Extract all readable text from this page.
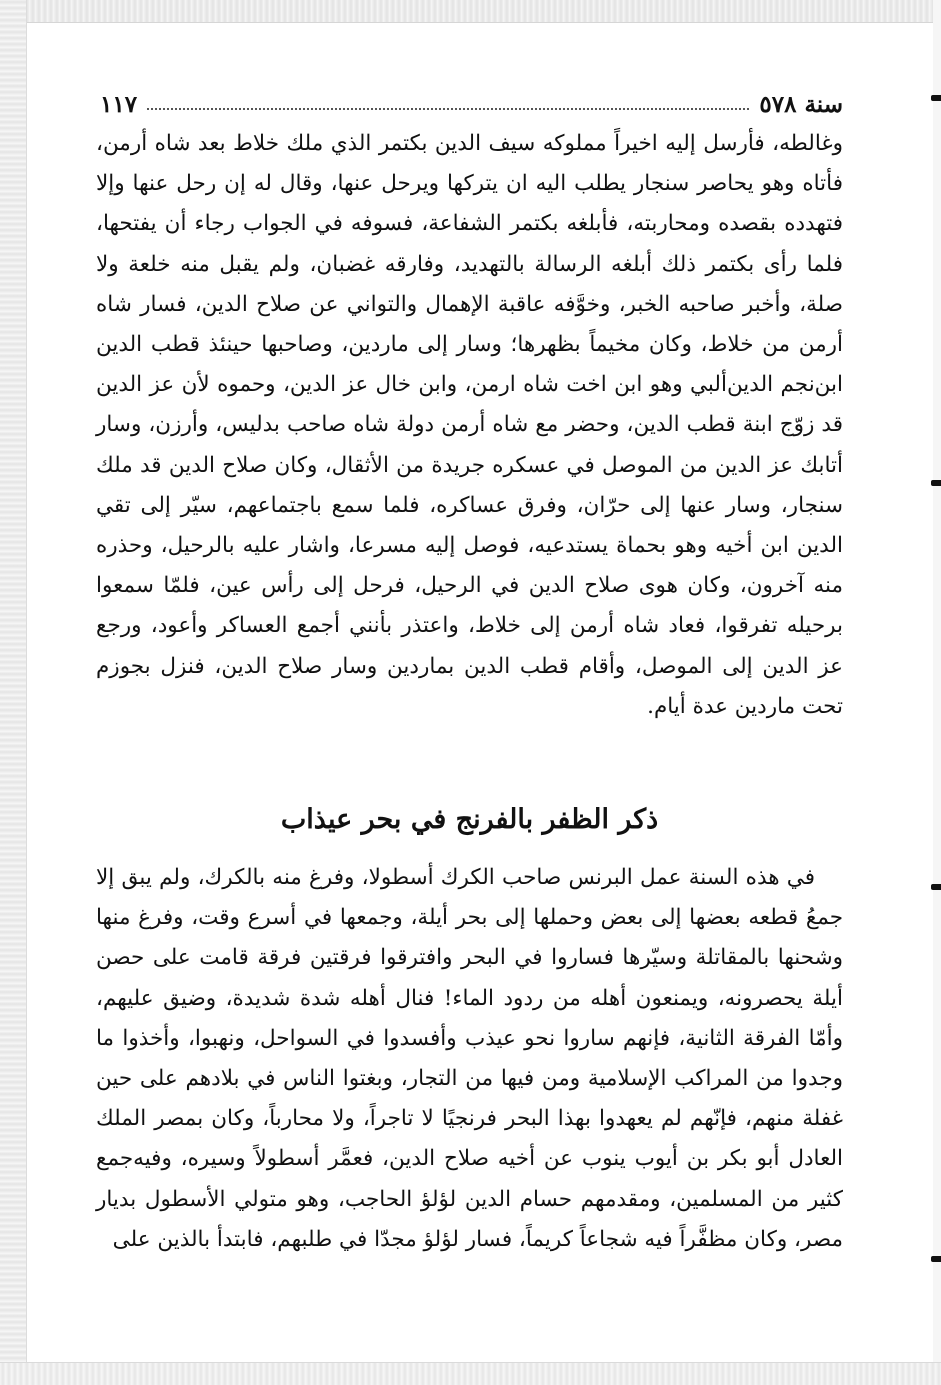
سنة ٥٧٨
١١٧
وغالطه، فأرسل إليه اخيراً مملوكه سيف الدين بكتمر الذي ملك خلاط بعد شاه أرمن، فأتاه وهو يحاصر سنجار يطلب اليه ان يتركها ويرحل عنها، وقال له إن رحل عنها وإلا فتهدده بقصده ومحاربته، فأبلغه بكتمر الشفاعة، فسوفه في الجواب رجاء أن يفتحها، فلما رأى بكتمر ذلك أبلغه الرسالة بالتهديد، وفارقه غضبان، ولم يقبل منه خلعة ولا صلة، وأخبر صاحبه الخبر، وخوَّفه عاقبة الإهمال والتواني عن صلاح الدين، فسار شاه أرمن من خلاط، وكان مخيماً بظهرها؛ وسار إلى ماردين، وصاحبها حينئذ قطب الدين ابن‌نجم الدين‌ألبي وهو ابن اخت شاه ارمن، وابن خال عز الدين، وحموه لأن عز الدين قد زوّج ابنة قطب الدين، وحضر مع شاه أرمن دولة شاه صاحب بدليس، وأرزن، وسار أتابك عز الدين من الموصل في عسكره جريدة من الأثقال، وكان صلاح الدين قد ملك سنجار، وسار عنها إلى حرّان، وفرق عساكره، فلما سمع باجتماعهم، سيّر إلى تقي الدين ابن أخيه وهو بحماة يستدعيه، فوصل إليه مسرعا، واشار عليه بالرحيل، وحذره منه آخرون، وكان هوى صلاح الدين في الرحيل، فرحل إلى رأس عين، فلمّا سمعوا برحيله تفرقوا، فعاد شاه أرمن إلى خلاط، واعتذر بأنني أجمع العساكر وأعود، ورجع عز الدين إلى الموصل، وأقام قطب الدين بماردين وسار صلاح الدين، فنزل بجوزم تحت ماردين عدة أيام.
ذكر الظفر بالفرنج في بحر عيذاب
في هذه السنة عمل البرنس صاحب الكرك أسطولا، وفرغ منه بالكرك، ولم يبق إلا جمعُ قطعه بعضها إلى بعض وحملها إلى بحر أيلة، وجمعها في أسرع وقت، وفرغ منها وشحنها بالمقاتلة وسيّرها فساروا في البحر وافترقوا فرقتين فرقة قامت على حصن أيلة يحصرونه، ويمنعون أهله من ردود الماء! فنال أهله شدة شديدة، وضيق عليهم، وأمّا الفرقة الثانية، فإنهم ساروا نحو عيذب وأفسدوا في السواحل، ونهبوا، وأخذوا ما وجدوا من المراكب الإسلامية ومن فيها من التجار، وبغتوا الناس في بلادهم على حين غفلة منهم، فإنّهم لم يعهدوا بهذا البحر فرنجيًا لا تاجراً، ولا محارباً، وكان بمصر الملك العادل أبو بكر بن أيوب ينوب عن أخيه صلاح الدين، فعمَّر أسطولاً وسيره، وفيه‌جمع كثير من المسلمين، ومقدمهم حسام الدين لؤلؤ الحاجب، وهو متولي الأسطول بديار مصر، وكان مظفَّراً فيه شجاعاً كريماً، فسار لؤلؤ مجدّا في طلبهم، فابتدأ بالذين على
